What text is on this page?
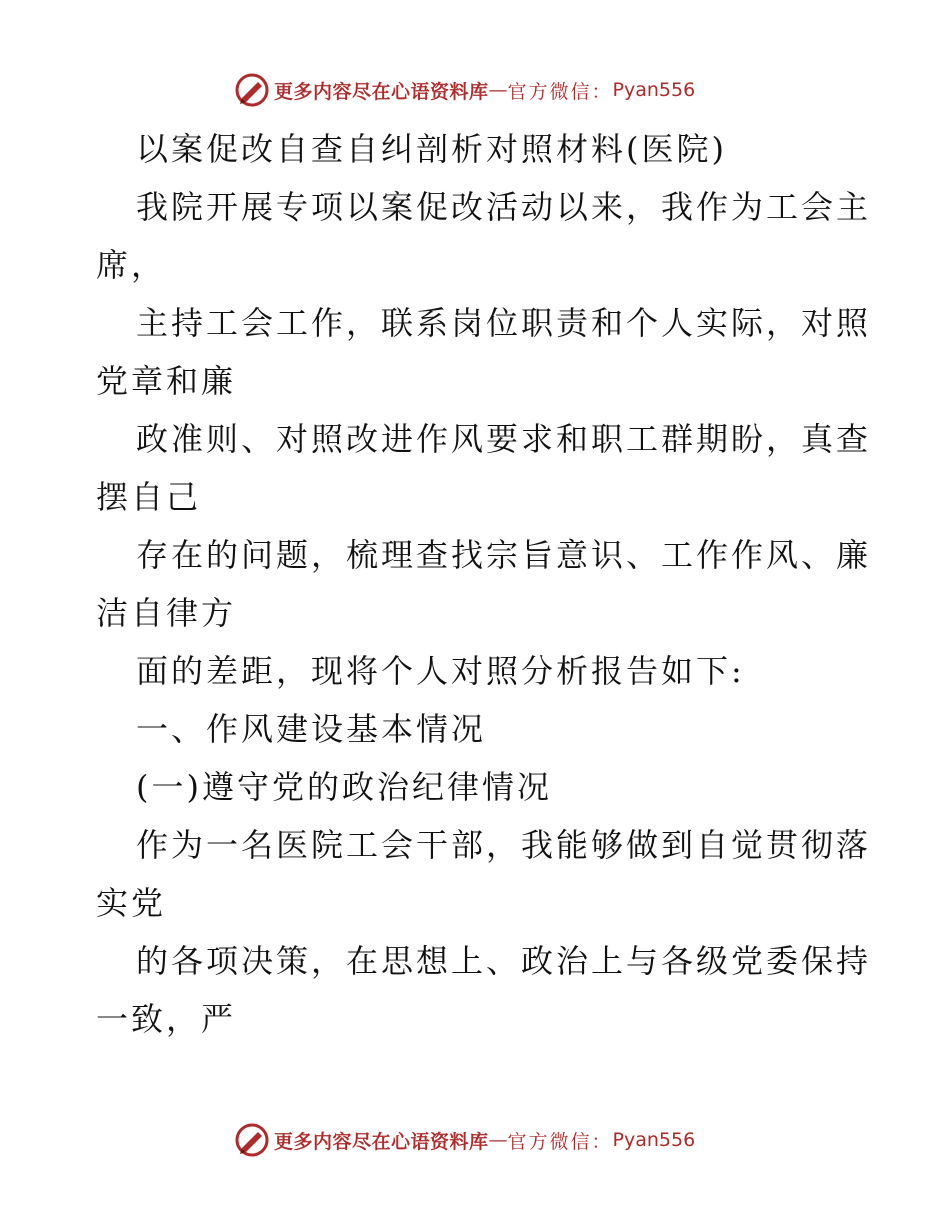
更多内容尽在心语资料库 — 官方微信： Pyan556
以案促改自查自纠剖析对照材料(医院)
我院开展专项以案促改活动以来，我作为工会主
席，
主持工会工作，联系岗位职责和个人实际，对照
党章和廉
政准则、对照改进作风要求和职工群期盼，真查
摆自己
存在的问题，梳理查找宗旨意识、工作作风、廉
洁自律方
面的差距，现将个人对照分析报告如下:
一、作风建设基本情况
(一)遵守党的政治纪律情况
作为一名医院工会干部，我能够做到自觉贯彻落
实党
的各项决策，在思想上、政治上与各级党委保持
一致，严
更多内容尽在心语资料库 — 官方微信： Pyan556
